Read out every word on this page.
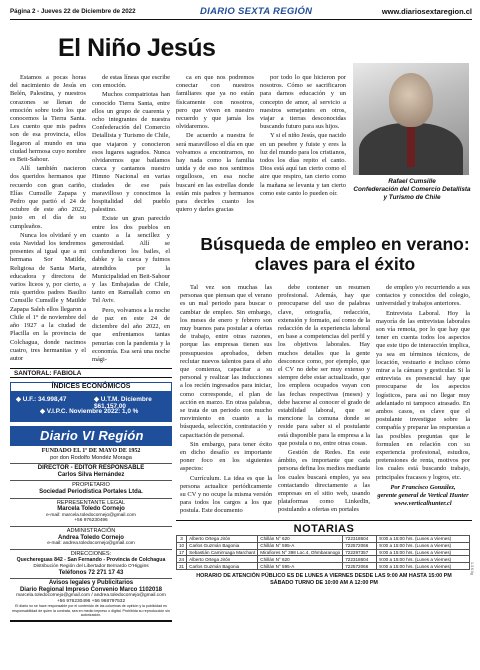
Página 2 - Jueves 22 de Diciembre de 2022	DIARIO SEXTA REGIÓN	www.diariosextaregion.cl
El Niño Jesús

Estamos a pocas horas del nacimiento de Jesús en Belén, Palestina, y nuestros corazones se llenan de emoción sobre todo los que conocemos la Tierra Santa. Les cuento que mis padres son de esa provincia, ellos llegaron al mundo en una ciudad hermosa cuyo nombre es Beit-Sahour.

Allí también nacieron dos queridos hermanos que recuerdo con gran cariño, Elías Cumsille Zapapa y Pedro que partió el 24 de octubre de este año 2022, justo en el día de su cumpleaños.

Nunca los olvidaré y en esta Navidad los tendremos presentes al igual que a mi hermana Sor Matilde, Religiosa de Santa Marta, educadora y directora de varios liceos y, por cierto, a mis queridos padres Basilio Cumsille Cumsille y Matilde Zapapa Saleh ellos llegaron a Chile el 1° de noviembre del año 1927 a la ciudad de Placilla en la provincia de Colchagua, donde nacimos cuatro, tres hermanitas y el autor

de estas líneas que escribe con emoción.

Muchos compatriotas han conocido Tierra Santa, entre ellos un grupo de cuarenta y ocho integrantes de nuestra Confederación del Comercio Detallista y Turismo de Chile, que viajaron y conocieron esos lugares sagrados. Nunca olvidaremos que bailamos cueca y cantamos nuestro Himno Nacional en varias ciudades de ese país maravilloso y conocimos la hospitalidad del pueblo palestino.

Existe un gran parecido entre los dos pueblos en cuanto a la sencillez y generosidad. Allí se confundieron los bailes, el dabke y la cueca y fuimos atendidos por la Municipalidad en Beit-Sahour y las Embajadas de Chile, tanto en Ramallah como en Tel Aviv.

Pero, volvamos a la noche de paz en este 24 de diciembre del año 2022, en que enfrentamos tantas penurias con la pandemia y la economía. Esa será una noche mági-

ca en que nos podremos conectar con nuestros familiares que ya no están físicamente con nosotros, pero que viven en nuestro recuerdo y que jamás los olvidaremos.

De acuerdo a nuestra fe será maravilloso el día en que volvamos a encontrarnos, no hay nada como la familia unida y de eso nos sentimos orgullosos, en esa noche buscaré en las estrellas donde están mis padres y hermanos para decirles cuanto los quiero y darles gracias

por todo lo que hicieron por nosotros. Cómo se sacrificaron para darnos educación y un concepto de amor, al servicio a nuestros semejantes en otros, viajar a tierras desconocidas buscando futuro para sus hijos.

Y si el niño Jesús, que nacido en un pesebre y fuiste y eres la luz del mundo para los cristianos, todos los días repito el canto. Dios está aquí tan cierto como el aire que respiro, tan cierto como la mañana se levanta y tan cierto como este canto lo pueden oír.

Rafael Cumsille
Confederación del Comercio Detallista y Turismo de Chile
Búsqueda de empleo en verano: claves para el éxito

Tal vez son muchas las personas que piensan que el verano es un mal periodo para buscar o cambiar de empleo. Sin embargo, los meses de enero y febrero son muy buenos para postular a ofertas de trabajo, entre otras razones, porque las empresas tienen sus presupuestos aprobados, deben reclutar nuevos talentos para el año que comienza, capacitar a su personal y realizar las inducciones a los recién ingresados para iniciar, como corresponde, el plan de acción en marzo. En otras palabras, se trata de un periodo con mucho movimiento en cuanto a la búsqueda, selección, contratación y capacitación de personal.

Sin embargo, para tener éxito en dicho desafío es importante poner foco en los siguientes aspectos:

Currículum. La idea es que la persona actualice periódicamente su CV y no ocupe la misma versión para todos los cargos a los que postula. Este documento

debe contener un resumen profesional. Además, hay que preocuparse del uso de palabras clave, ortografía, redacción, extensión y formato, así como de la redacción de la experiencia laboral en base a competencias del perfil y los objetivos laborales. Hay muchos detalles que la gente desconoce como, por ejemplo, que el CV no debe ser muy extenso y siempre debe estar actualizado, que los empleos ocupados vayan con las fechas respectivas (meses) y debe hacerse al conocer el grado de estabilidad laboral, que se mencione la comuna donde se reside para saber si el postulante está disponible para la empresa a la que postula o no, entre otras cosas.

Gestión de Redes. En este ámbito, es importante que cada persona defina los medios mediante los cuales buscará empleo, ya sea contactando directamente a las empresas en el sitio web, usando plataformas como LinkedIn, postulando a ofertas en portales

de empleo y/o recurriendo a sus contactos y conocidos del colegio, universidad y trabajos anteriores.

Entrevista Laboral. Hoy la mayoría de las entrevistas laborales son vía remota, por lo que hay que tener en cuenta todos los aspectos que este tipo de interacción implica, ya sea en términos técnicos, de locación, vestuario e incluso cómo mirar a la cámara y gesticular. Si la entrevista es presencial hay que preocuparse de los aspectos logísticos, para así no llegar muy adelantado ni tampoco atrasado. En ambos casos, es clave que el postulante investigue sobre la compañía y preparar las respuestas a las posibles preguntas que le formulen en relación con su experiencia profesional, estudios, pretensiones de renta, motivos por los cuales está buscando trabajo, principales fracasos y logros, etc.

Por Francisco González,
gerente general de Vertical Hunter
www.verticalhunter.cl
SANTORAL: FABIOLA
ÍNDICES ECONÓMICOS
◆ U.F.: 34.998,47	◆ U.T.M. Diciembre $61.157,00
◆ V.I.P.C. Noviembre 2022: 1,0 %
Diario VI Región
FUNDADO EL 1º DE MAYO DE 1952
por don Rodolfo Mondéz Moraga
DIRECTOR - EDITOR RESPONSABLE
Carlos Silva Hernández
PROPIETARIO
Sociedad Periodística Portales Ltda.
REPRESENTANTE LEGAL
Marcela Toledo Cornejo
e-mail: marcela.toledocornejo@gmail.com
+56 976230496
ADMINISTRACIÓN
Andrea Toledo Cornejo
e-mail: andrea.toledocornejo@gmail.com
DIRECCIONES:
Quechereguas 842 - San Fernando - Provincia de Colchagua
Distribución Región del Libertador Bernardo O'Higgins
Teléfonos 72 271 17 43
Avisos legales y Publicitarios
Diario Regional Impreso Convenio Marco 1102018
marcela.toledocornejo@gmail.com / andrea.toledocornejo@gmail.com
+56 976230496 +56 968797532
El diario no se hace responsable por el contenido de las columnas de opinión y la publicidad es responsabilidad de quien la contrata, sea en medio impreso o digital. Prohibida su reproducción sin autorización.
NOTARIAS
3	Alberto Ortega Jirón	Chillán N° 620	722318604	9:00 a 15:00 hrs. (Lunes a Viernes)
10	Carlos Guzmán Bagonia	Chillán N° 595-A	722572066	9:00 a 15:00 hrs. (Lunes a Viernes)
17	Sebastián Camirruaga Marchant	Mirafiores N° 398 Loc.4, Ohmbaranogo	722297357	9:00 a 15:00 hrs. (Lunes a Viernes)
24	Alberto Ortega Jirón	Chillán N° 620	722318604	9:00 a 15:00 hrs. (Lunes a Viernes)
31	Carlos Guzmán Bagonia	Chillán N° 595-A	722572066	9:00 a 15:00 hrs. (Lunes a Viernes)
HORARIO DE ATENCIÓN PÚBLICO ES DE LUNES A VIERNES DESDE LAS 9:00 AM HASTA 15:00 PM
SÁBADO TURNO DE 10:00 AM A 12:00 PM
1.3.6.0g
